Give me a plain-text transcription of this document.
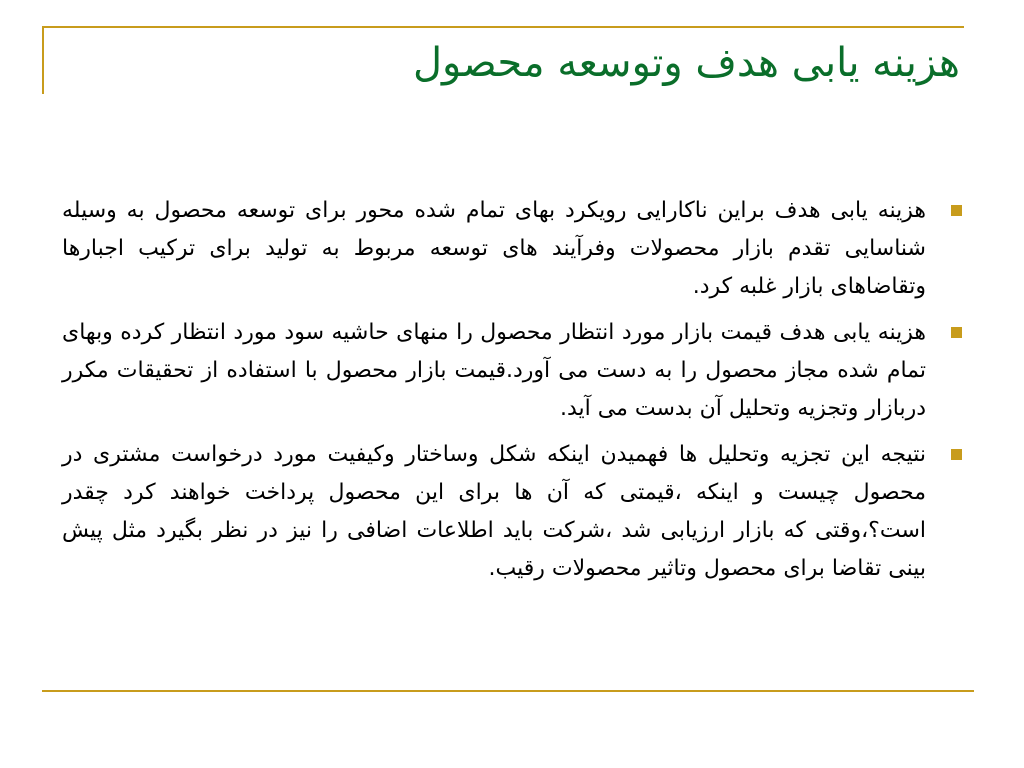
هزینه یابی هدف وتوسعه محصول
هزینه یابی هدف براین ناکارایی رویکرد بهای تمام شده محور برای توسعه محصول به وسیله شناسایی تقدم بازار محصولات وفرآیند های توسعه مربوط به تولید برای ترکیب اجبارها وتقاضاهای بازار غلبه کرد.
هزینه یابی هدف قیمت بازار مورد انتظار محصول را منهای حاشیه سود مورد انتظار کرده وبهای تمام شده مجاز محصول را به دست می آورد.قیمت بازار محصول با استفاده از تحقیقات مکرر دربازار وتجزیه وتحلیل آن بدست می آید.
نتیجه این تجزیه وتحلیل ها فهمیدن اینکه شکل وساختار وکیفیت مورد درخواست مشتری در محصول چیست و اینکه ،قیمتی که آن ها برای این محصول پرداخت خواهند کرد چقدر است؟،وقتی که بازار ارزیابی شد ،شرکت باید اطلاعات اضافی را نیز در نظر بگیرد مثل پیش بینی تقاضا برای محصول وتاثیر محصولات رقیب.
